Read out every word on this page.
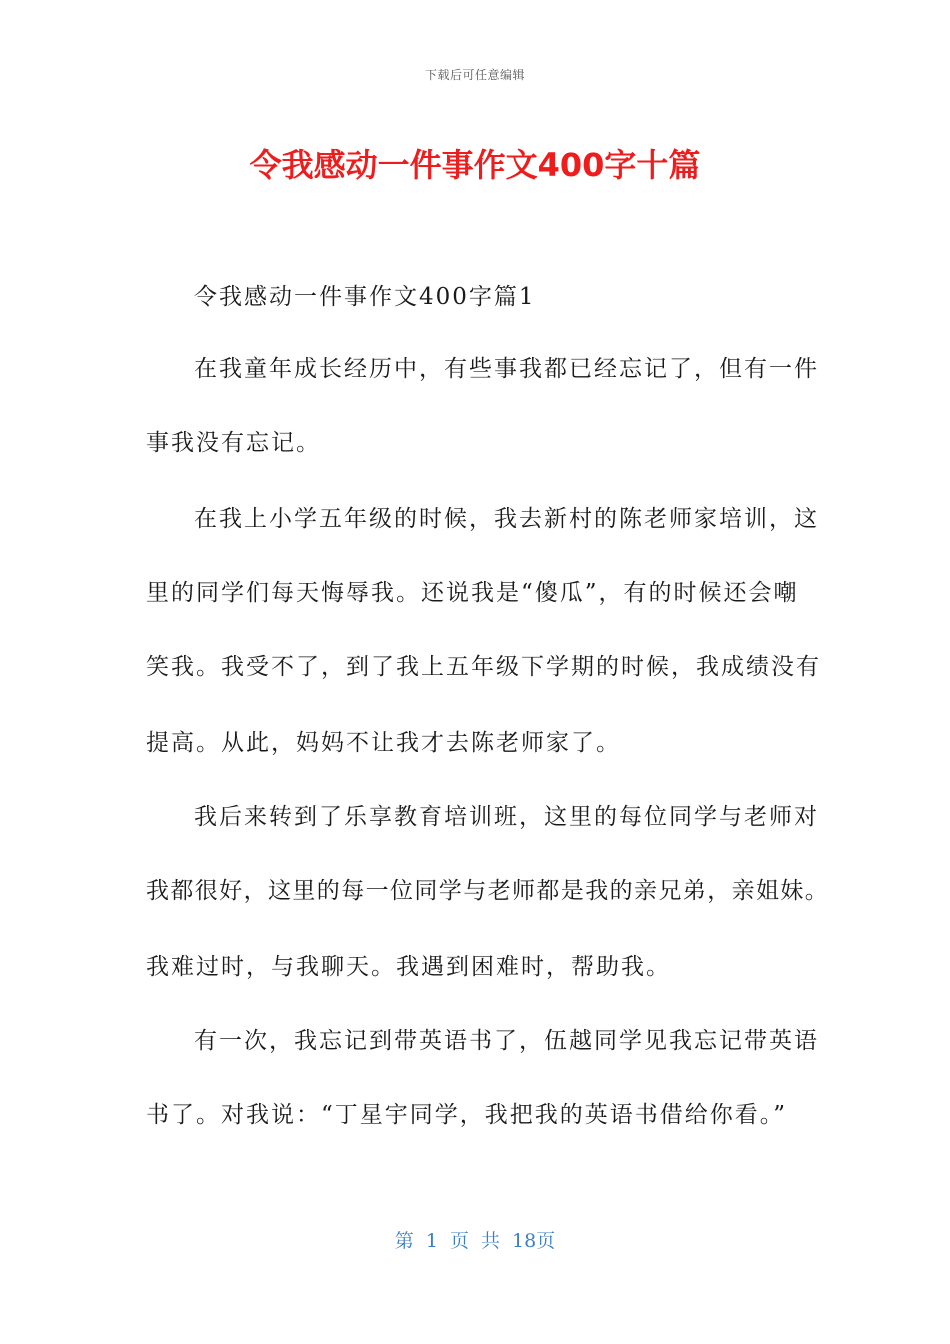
下载后可任意编辑
令我感动一件事作文400字十篇
令我感动一件事作文400字篇1
在我童年成长经历中，有些事我都已经忘记了，但有一件
事我没有忘记。
在我上小学五年级的时候，我去新村的陈老师家培训，这
里的同学们每天悔辱我。还说我是“傻瓜”，有的时候还会嘲
笑我。我受不了，到了我上五年级下学期的时候，我成绩没有
提高。从此，妈妈不让我才去陈老师家了。
我后来转到了乐享教育培训班，这里的每位同学与老师对
我都很好，这里的每一位同学与老师都是我的亲兄弟，亲姐妹。
我难过时，与我聊天。我遇到困难时，帮助我。
有一次，我忘记到带英语书了，伍越同学见我忘记带英语
书了。对我说：“丁星宇同学，我把我的英语书借给你看。”
第 1 页 共 18页
